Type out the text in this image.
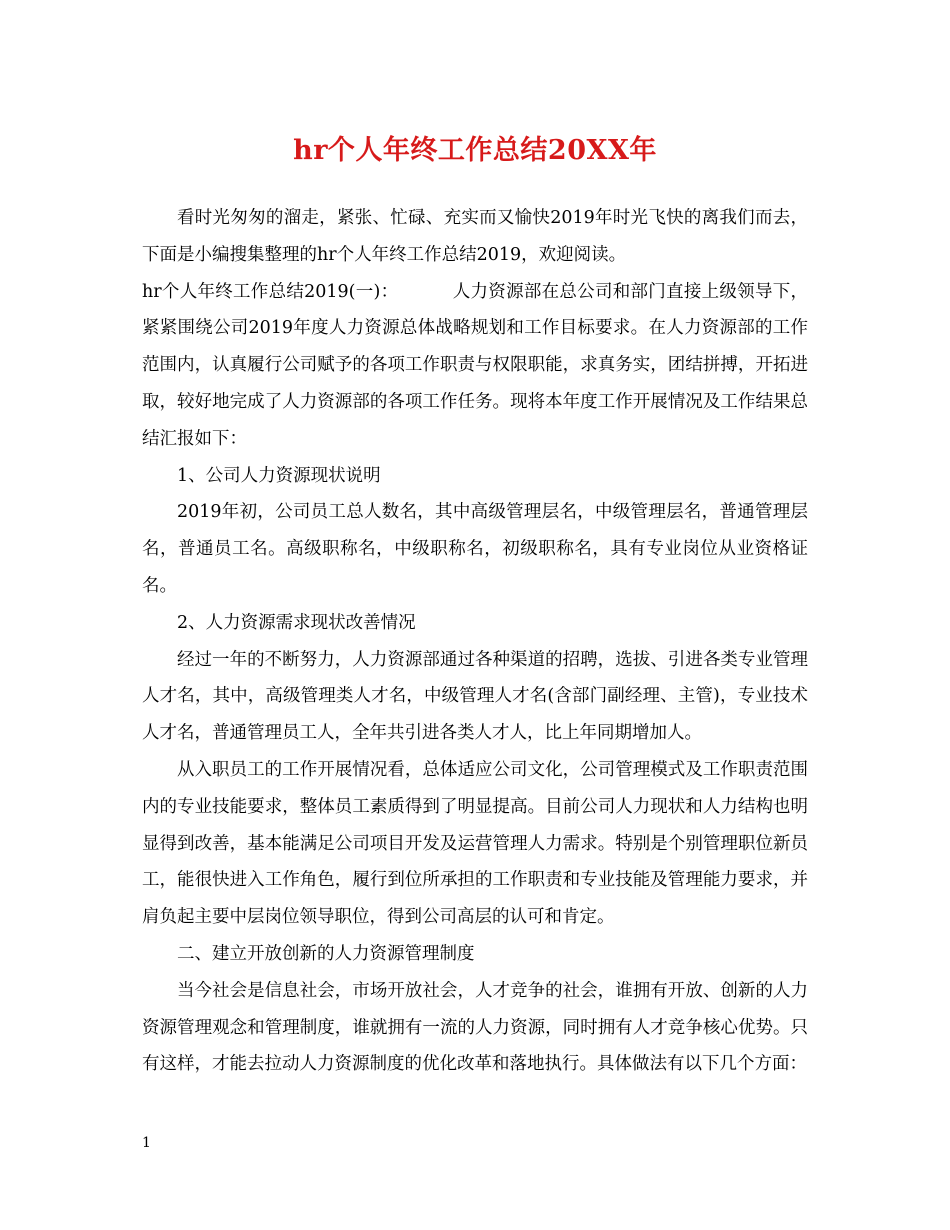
hr个人年终工作总结20XX年

看时光匆匆的溜走，紧张、忙碌、充实而又愉快2019年时光飞快的离我们而去，下面是小编搜集整理的hr个人年终工作总结2019，欢迎阅读。

hr个人年终工作总结2019(一)：	人力资源部在总公司和部门直接上级领导下，紧紧围绕公司2019年度人力资源总体战略规划和工作目标要求。在人力资源部的工作范围内，认真履行公司赋予的各项工作职责与权限职能，求真务实，团结拼搏，开拓进取，较好地完成了人力资源部的各项工作任务。现将本年度工作开展情况及工作结果总结汇报如下：

1、公司人力资源现状说明

2019年初，公司员工总人数名，其中高级管理层名，中级管理层名，普通管理层名，普通员工名。高级职称名，中级职称名，初级职称名，具有专业岗位从业资格证名。

2、人力资源需求现状改善情况

经过一年的不断努力，人力资源部通过各种渠道的招聘，选拔、引进各类专业管理人才名，其中，高级管理类人才名，中级管理人才名(含部门副经理、主管)，专业技术人才名，普通管理员工人，全年共引进各类人才人，比上年同期增加人。

从入职员工的工作开展情况看，总体适应公司文化，公司管理模式及工作职责范围内的专业技能要求，整体员工素质得到了明显提高。目前公司人力现状和人力结构也明显得到改善，基本能满足公司项目开发及运营管理人力需求。特别是个别管理职位新员工，能很快进入工作角色，履行到位所承担的工作职责和专业技能及管理能力要求，并肩负起主要中层岗位领导职位，得到公司高层的认可和肯定。

二、建立开放创新的人力资源管理制度

当今社会是信息社会，市场开放社会，人才竞争的社会，谁拥有开放、创新的人力资源管理观念和管理制度，谁就拥有一流的人力资源，同时拥有人才竞争核心优势。只有这样，才能去拉动人力资源制度的优化改革和落地执行。具体做法有以下几个方面：

1
